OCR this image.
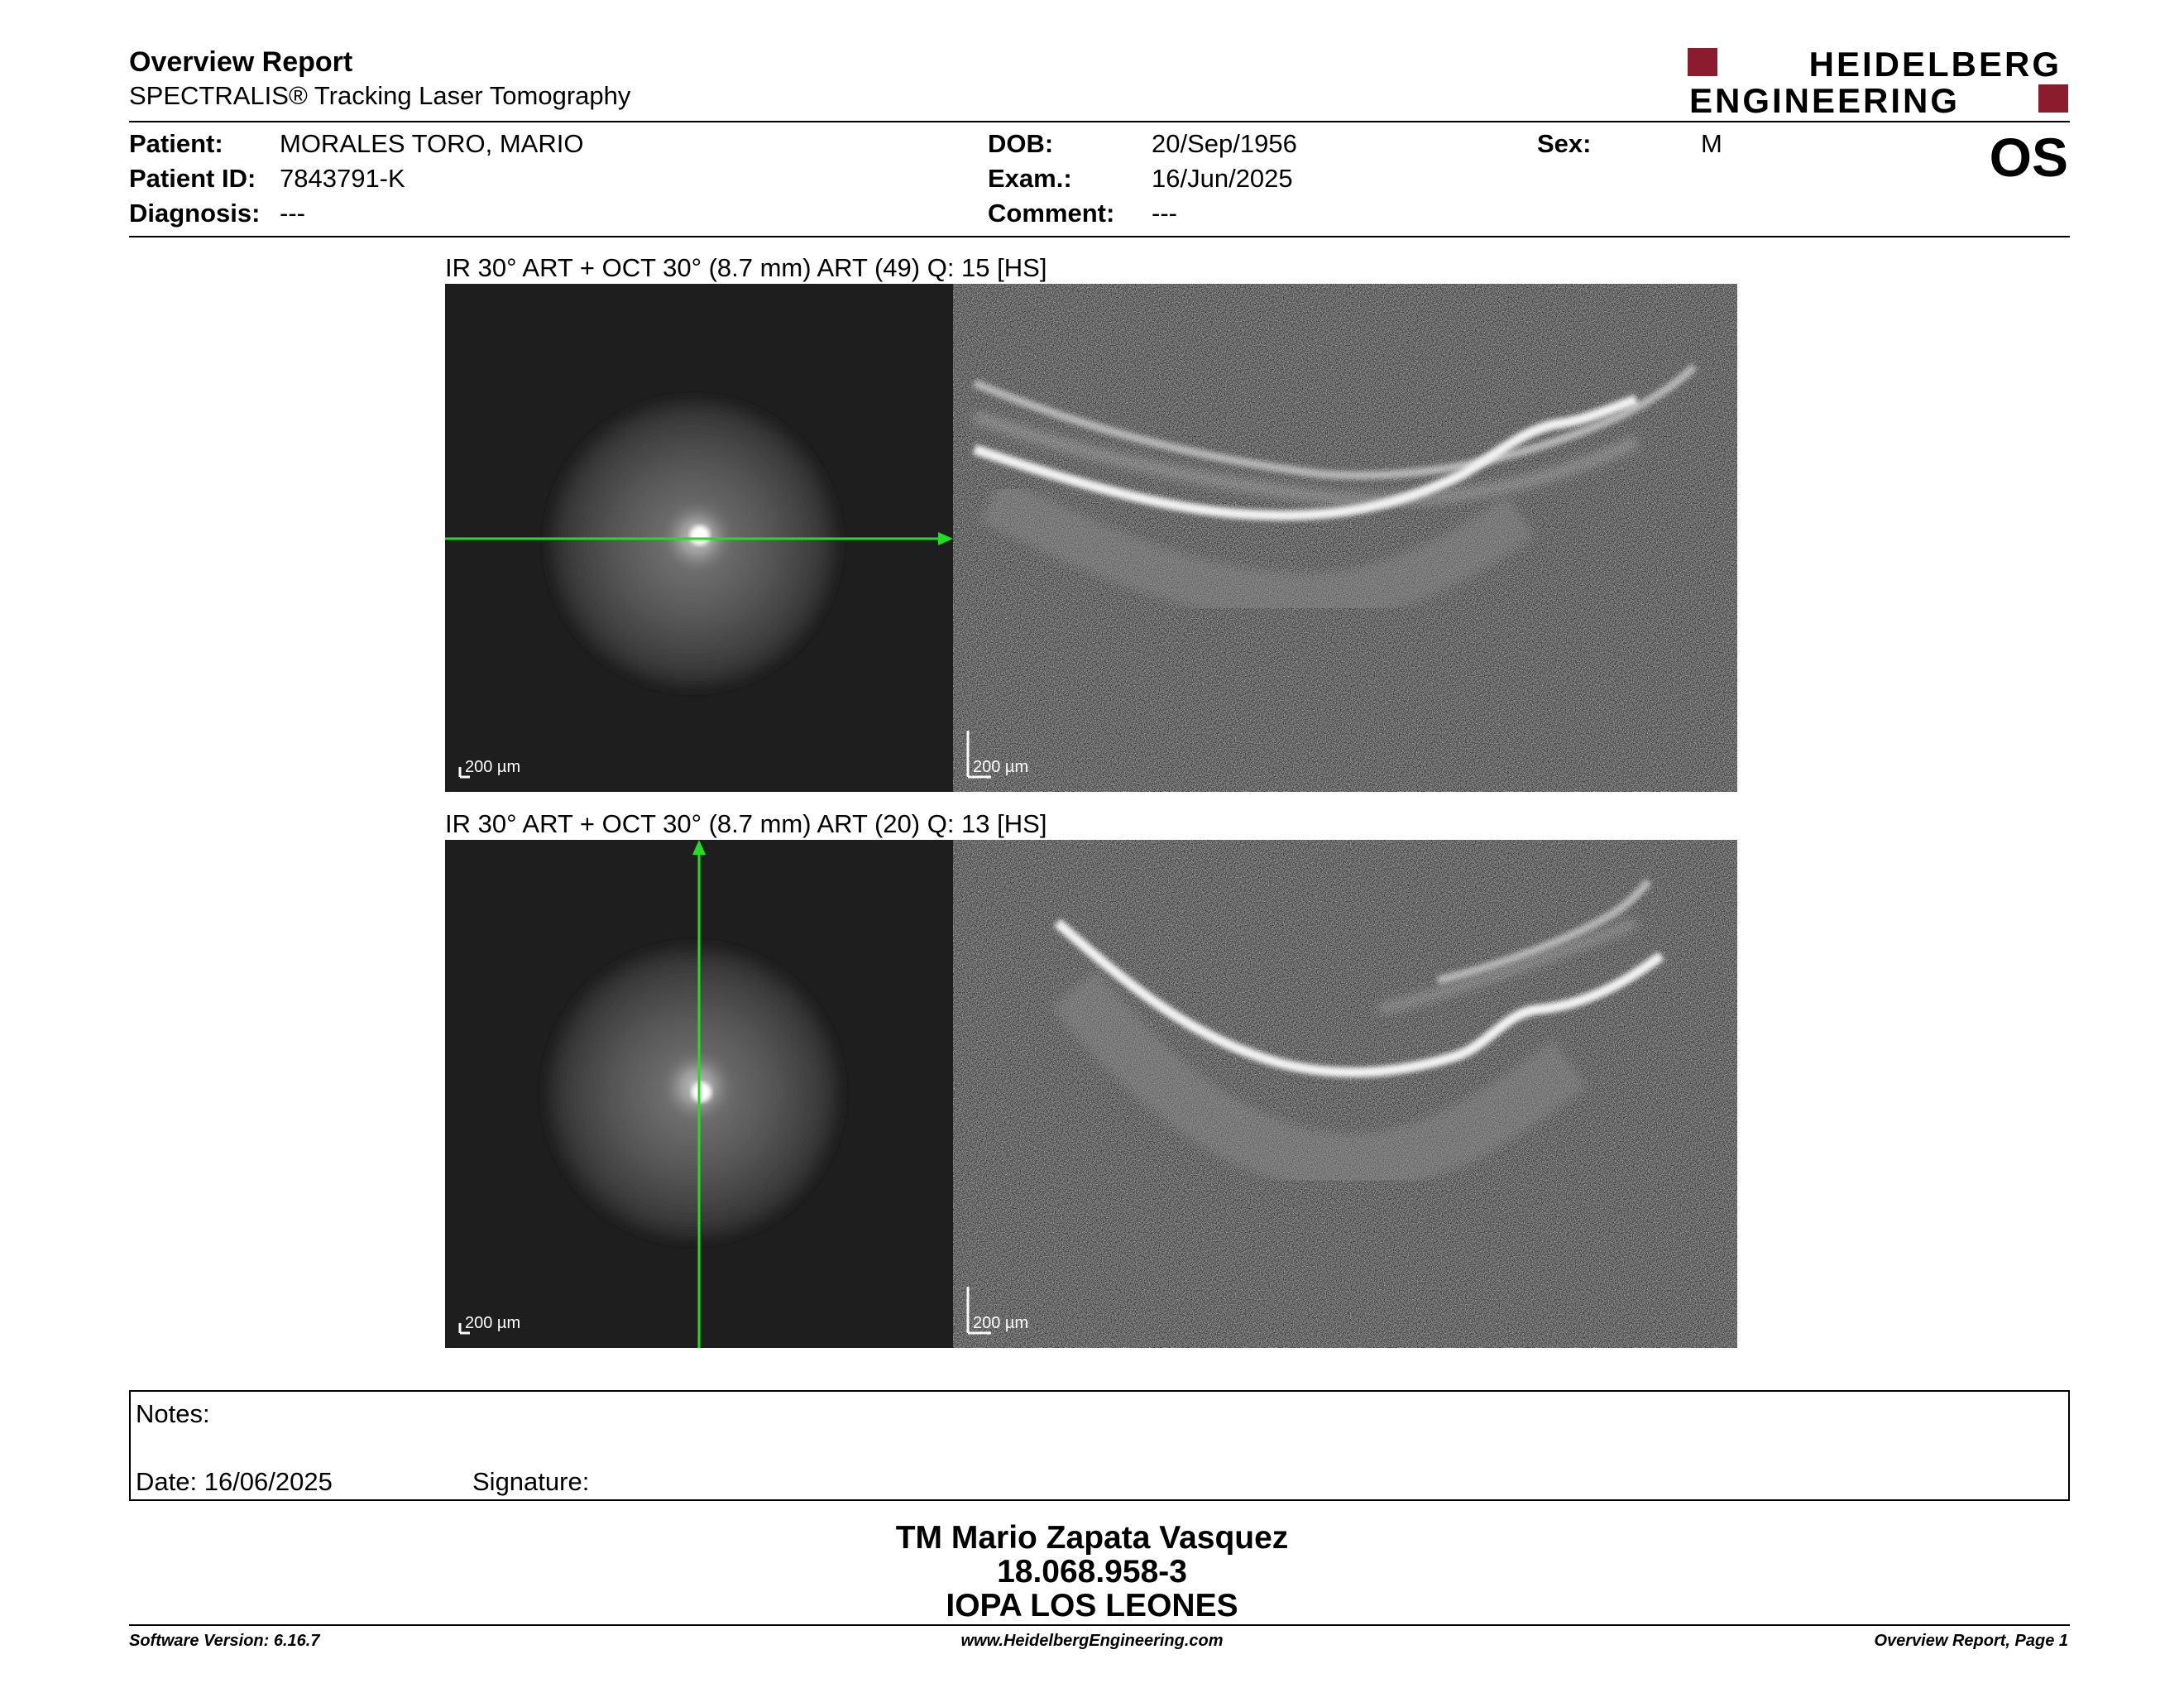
Overview Report
SPECTRALIS® Tracking Laser Tomography
HEIDELBERG
ENGINEERING
Patient: MORALES TORO, MARIO
Patient ID: 7843791-K
Diagnosis: ---
DOB:	20/Sep/1956
Exam.:	16/Jun/2025
Comment: ---
Sex:	M	OS
IR 30° ART + OCT 30° (8.7 mm) ART (49) Q: 15 [HS]
200 µm	200 µm
IR 30° ART + OCT 30° (8.7 mm) ART (20) Q: 13 [HS]
200 µm	200 µm
Notes:
Date: 16/06/2025	Signature:
TM Mario Zapata Vasquez
18.068.958-3
IOPA LOS LEONES
Software Version: 6.16.7	www.HeidelbergEngineering.com	Overview Report, Page 1
